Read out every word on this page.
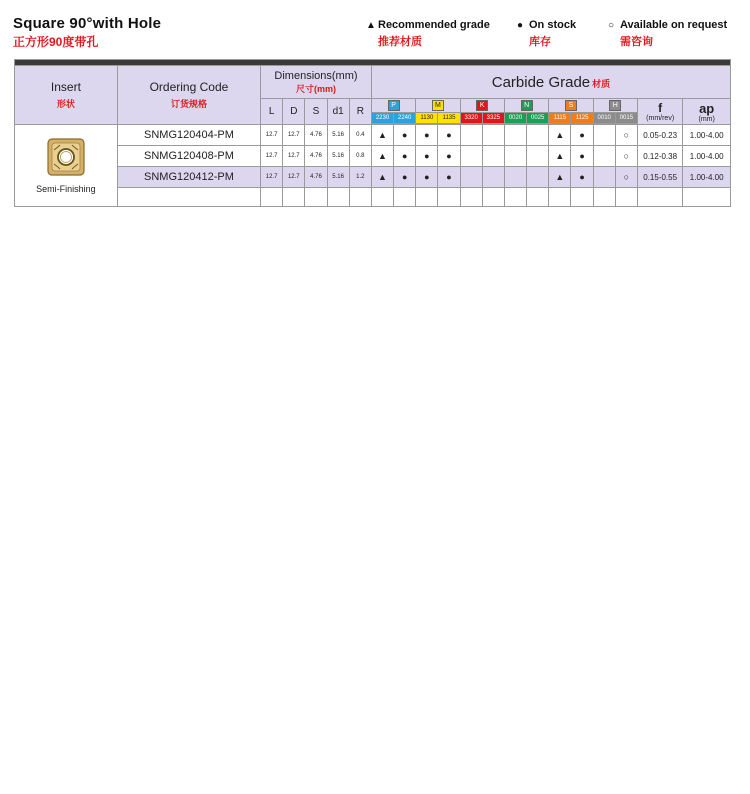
Square 90°with Hole
正方形90度带孔
▲ Recommended grade
推荐材质
● On stock
库存
○ Available on request
需咨询

Insert
形状	Ordering Code
订货规格	Dimensions(mm)
尺寸(mm)					Carbide Grade 材质													
		L	D	S	d1	R	P		M		K		N		S		H		f
(mm/rev)	ap
(mm)

							2230	2240	1130	1135	3320	3325	0020	0025	1115	1125	0010	0015		

Semi-Finishing	SNMG120404-PM	12.7	12.7	4.76	5.16	0.4	▲	●	●	●					▲	●		○	0.05-0.23	1.00-4.00
	SNMG120408-PM	12.7	12.7	4.76	5.16	0.8	▲	●	●	●					▲	●		○	0.12-0.38	1.00-4.00
	SNMG120412-PM	12.7	12.7	4.76	5.16	1.2	▲	●	●	●					▲	●		○	0.15-0.55	1.00-4.00
